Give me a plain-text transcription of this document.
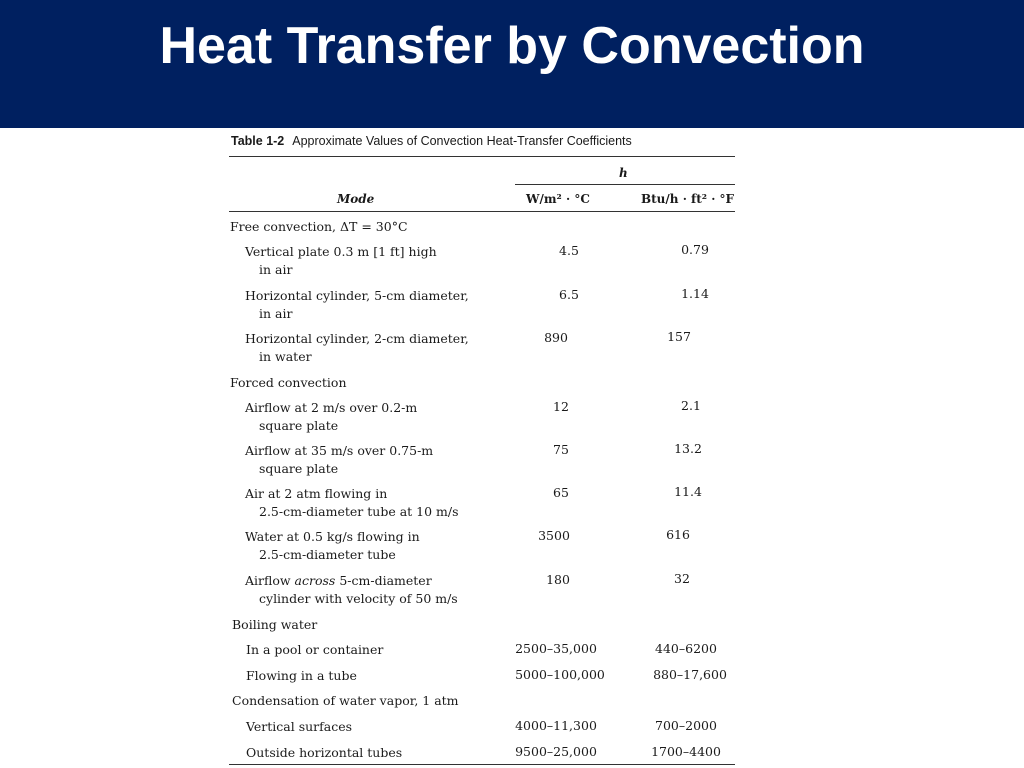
Heat Transfer by Convection
Table 1-2 Approximate Values of Convection Heat-Transfer Coefficients
h
Mode	W/m² · °C	Btu/h · ft² · °F
Free convection, ΔT = 30°C
Vertical plate 0.3 m [1 ft] high
in air
4.5	0.79
Horizontal cylinder, 5-cm diameter,
in air
6.5	1.14
Horizontal cylinder, 2-cm diameter,
in water
890	157
Forced convection
Airflow at 2 m/s over 0.2-m
square plate
12	2.1
Airflow at 35 m/s over 0.75-m
square plate
75	13.2
Air at 2 atm flowing in
2.5-cm-diameter tube at 10 m/s
65	11.4
Water at 0.5 kg/s flowing in
2.5-cm-diameter tube
3500	616
Airflow across 5-cm-diameter
cylinder with velocity of 50 m/s
180	32
Boiling water
In a pool or container	2500–35,000	440–6200
Flowing in a tube	5000–100,000	880–17,600
Condensation of water vapor, 1 atm
Vertical surfaces	4000–11,300	700–2000
Outside horizontal tubes	9500–25,000	1700–4400
